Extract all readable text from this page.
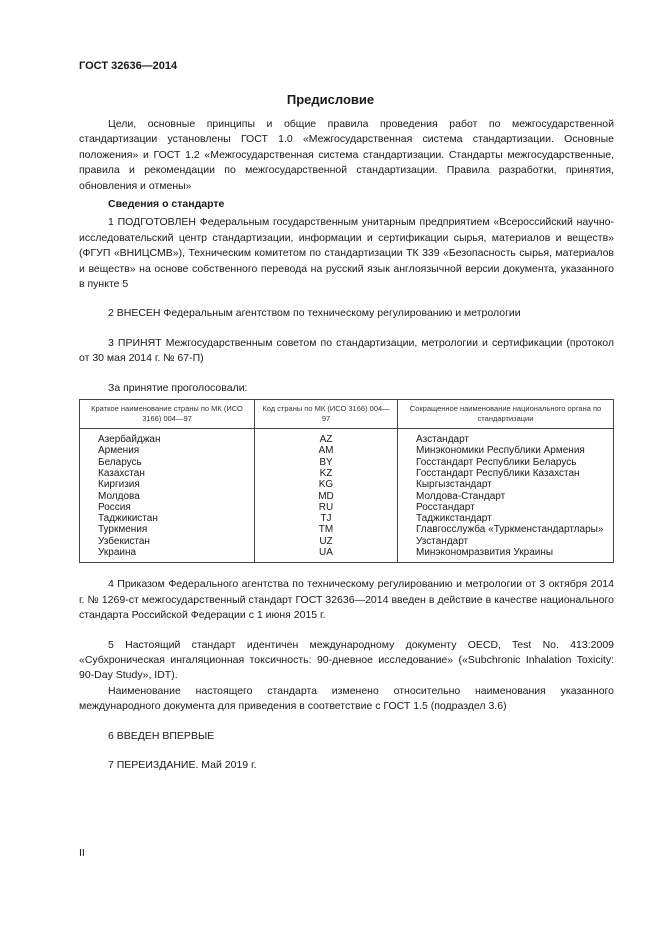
ГОСТ 32636—2014
Предисловие

Цели, основные принципы и общие правила проведения работ по межгосударственной стандартизации установлены ГОСТ 1.0 «Межгосударственная система стандартизации. Основные положения» и ГОСТ 1.2 «Межгосударственная система стандартизации. Стандарты межгосударственные, правила и рекомендации по межгосударственной стандартизации. Правила разработки, принятия, обновления и отмены»

Сведения о стандарте

1 ПОДГОТОВЛЕН Федеральным государственным унитарным предприятием «Всероссийский научно-исследовательский центр стандартизации, информации и сертификации сырья, материалов и веществ» (ФГУП «ВНИЦСМВ»), Техническим комитетом по стандартизации ТК 339 «Безопасность сырья, материалов и веществ» на основе собственного перевода на русский язык англоязычной версии документа, указанного в пункте 5

2 ВНЕСЕН Федеральным агентством по техническому регулированию и метрологии

3 ПРИНЯТ Межгосударственным советом по стандартизации, метрологии и сертификации (протокол от 30 мая 2014 г. № 67-П)

За принятие проголосовали:

Краткое наименование страны по МК (ИСО 3166) 004—97	Код страны по МК (ИСО 3166) 004—97	Сокращенное наименование национального органа по стандартизации
Азербайджан	AZ	Азстандарт
Армения	AM	Минэкономики Республики Армения
Беларусь	BY	Госстандарт Республики Беларусь
Казахстан	KZ	Госстандарт Республики Казахстан
Киргизия	KG	Кыргызстандарт
Молдова	MD	Молдова-Стандарт
Россия	RU	Росстандарт
Таджикистан	TJ	Таджикстандарт
Туркмения	TM	Главгосслужба «Туркменстандартлары»
Узбекистан	UZ	Узстандарт
Украина	UA	Минэкономразвития Украины

4 Приказом Федерального агентства по техническому регулированию и метрологии от 3 октября 2014 г. № 1269-ст межгосударственный стандарт ГОСТ 32636—2014 введен в действие в качестве национального стандарта Российской Федерации с 1 июня 2015 г.

5 Настоящий стандарт идентичен международному документу OECD, Test No. 413:2009 «Субхроническая ингаляционная токсичность: 90-дневное исследование» («Subchronic Inhalation Toxicity: 90-Day Study», IDT).

Наименование настоящего стандарта изменено относительно наименования указанного международного документа для приведения в соответствие с ГОСТ 1.5 (подраздел 3.6)

6 ВВЕДЕН ВПЕРВЫЕ

7 ПЕРЕИЗДАНИЕ. Май 2019 г.

II
